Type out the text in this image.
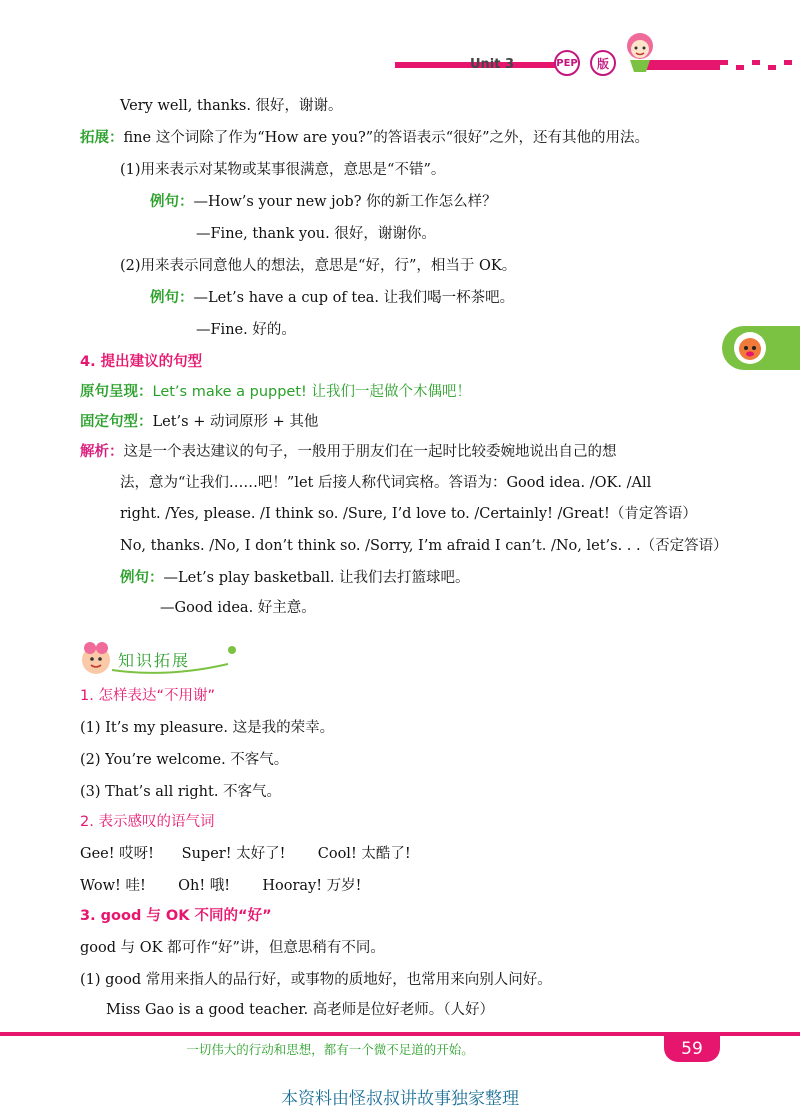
Unit 3	PEP	版
Very well, thanks. 很好，谢谢。
拓展：fine 这个词除了作为“How are you?”的答语表示“很好”之外，还有其他的用法。
(1)用来表示对某物或某事很满意，意思是“不错”。
例句：—How’s your new job? 你的新工作怎么样？
—Fine, thank you. 很好，谢谢你。
(2)用来表示同意他人的想法，意思是“好，行”，相当于 OK。
例句：—Let’s have a cup of tea. 让我们喝一杯茶吧。
—Fine. 好的。
4. 提出建议的句型
原句呈现：Let’s make a puppet! 让我们一起做个木偶吧！
固定句型：Let’s + 动词原形 + 其他
解析：这是一个表达建议的句子，一般用于朋友们在一起时比较委婉地说出自己的想
法，意为“让我们……吧！”let 后接人称代词宾格。答语为：Good idea. /OK. /All
right. /Yes, please. /I think so. /Sure, I’d love to. /Certainly! /Great!（肯定答语）
No, thanks. /No, I don’t think so. /Sorry, I’m afraid I can’t. /No, let’s. . .（否定答语）
例句：—Let’s play basketball. 让我们去打篮球吧。
—Good idea. 好主意。
知识拓展
1. 怎样表达“不用谢”
(1) It’s my pleasure. 这是我的荣幸。
(2) You’re welcome. 不客气。
(3) That’s all right. 不客气。
2. 表示感叹的语气词
Gee! 哎呀!      Super! 太好了!       Cool! 太酷了!
Wow! 哇!       Oh! 哦!       Hooray! 万岁!
3. good 与 OK 不同的“好”
good 与 OK 都可作“好”讲，但意思稍有不同。
(1) good 常用来指人的品行好，或事物的质地好，也常用来向别人问好。
Miss Gao is a good teacher. 高老师是位好老师。（人好）
一切伟大的行动和思想，都有一个微不足道的开始。	59
本资料由怪叔叔讲故事独家整理
